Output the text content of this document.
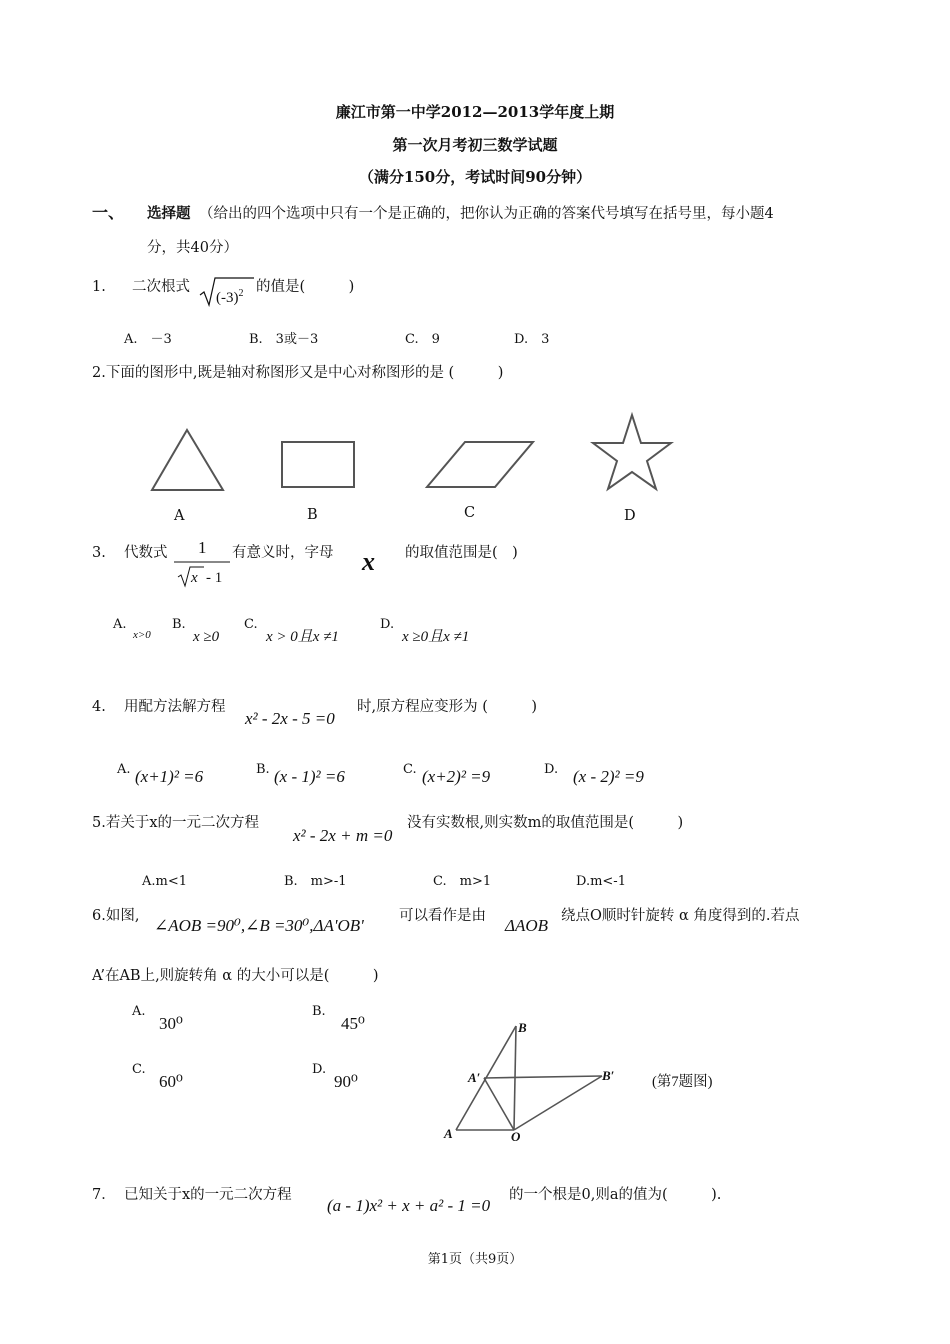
廉江市第一中学2012—2013学年度上期
第一次月考初三数学试题
（满分150分，考试时间90分钟）
一、 选择题 （给出的四个选项中只有一个是正确的，把你认为正确的答案代号填写在括号里，每小题4
分，共40分）
1. 二次根式
$(-3)^2$ 的值是(　　　)
A.　－3	B.　3或－3	C.　9	D.　3
2.下面的图形中,既是轴对称图形又是中心对称图形的是 (　　　)
A	B	C	D
3. 代数式 1
x - 1
有意义时，字母 x 的取值范围是(　)
A.
x>0
B.
x ≥0
C.
x > 0且x ≠1
D.
x ≥0且x ≠1
4. 用配方法解方程
x² - 2x - 5 =0
时,原方程应变形为 (　　　)
A. (x+1)² =6	B. (x - 1)² =6	C. (x+2)² =9	D. (x - 2)² =9
5.若关于x的一元二次方程
x² - 2x + m =0
没有实数根,则实数m的取值范围是(　　　)
A.m<1	B.　m>-1	C.　m>1	D.m<-1
6.如图, ∠AOB =90⁰,∠B =30⁰,ΔA'OB' 可以看作是由 ΔAOB 绕点O顺时针旋转 α 角度得到的.若点
A’在AB上,则旋转角 α 的大小可以是(　　　)
A.
30⁰
B.
45⁰
C.
60⁰
D.
90⁰
B
A′	B′
A	O
(第7题图)
7． 已知关于x的一元二次方程
(a - 1)x² + x + a² - 1 =0
的一个根是0,则a的值为(　　　).
第1页（共9页）
